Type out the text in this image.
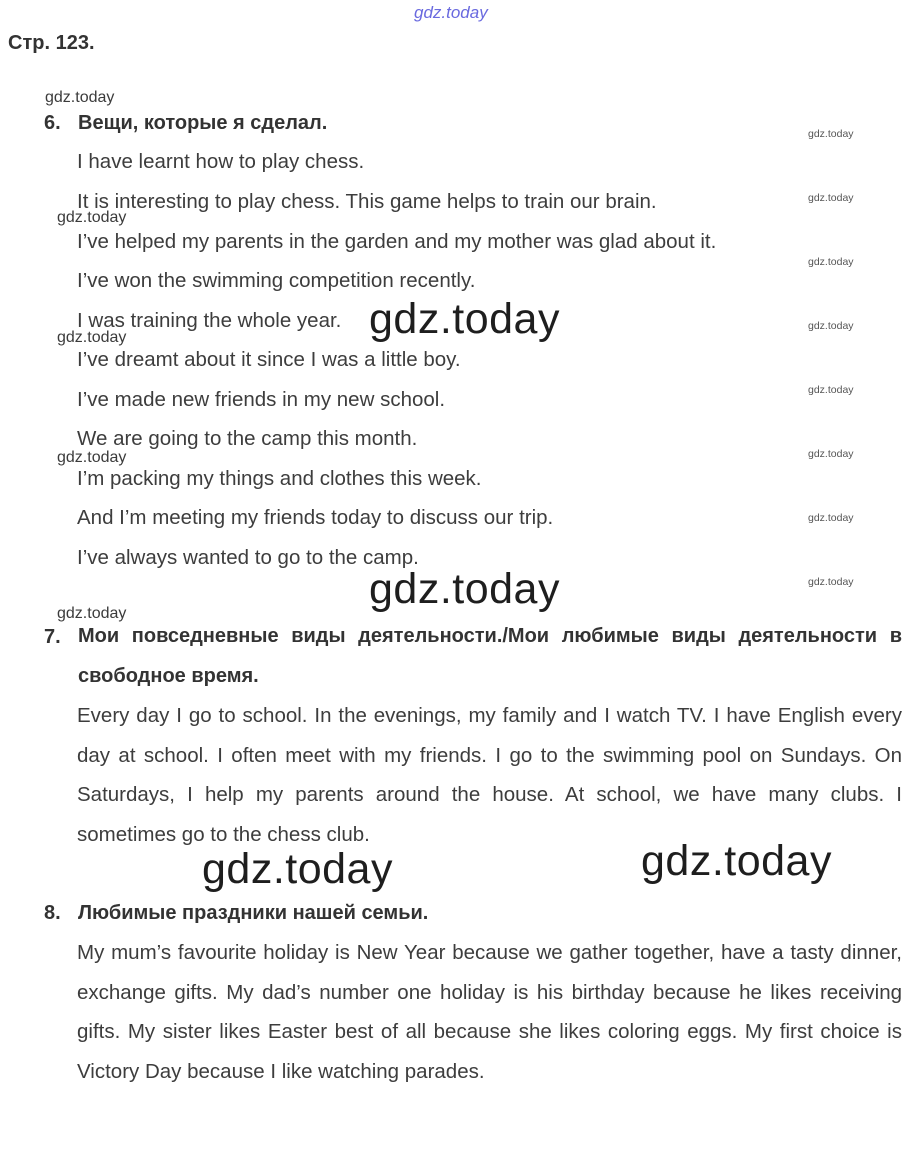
gdz.today
Стр. 123.
gdz.today
gdz.today
gdz.today
gdz.today
gdz.today
gdz.today
gdz.today
gdz.today
gdz.today
gdz.today
gdz.today
gdz.today
gdz.today
6. Вещи, которые я сделал.
I have learnt how to play chess.
It is interesting to play chess. This game helps to train our brain.
I’ve helped my parents in the garden and my mother was glad about it.
I’ve won the swimming competition recently.
I was training the whole year.
I’ve dreamt about it since I was a little boy.
I’ve made new friends in my new school.
We are going to the camp this month.
I’m packing my things and clothes this week.
And I’m meeting my friends today to discuss our trip.
I’ve always wanted to go to the camp.
gdz.today
gdz.today
7. Мои повседневные виды деятельности./Мои любимые виды деятельности в свободное время.
Every day I go to school. In the evenings, my family and I watch TV. I have English every day at school. I often meet with my friends. I go to the swimming pool on Sundays. On Saturdays, I help my parents around the house. At school, we have many clubs. I sometimes go to the chess club.
gdz.today	gdz.today
8. Любимые праздники нашей семьи.
My mum’s favourite holiday is New Year because we gather together, have a tasty dinner, exchange gifts. My dad’s number one holiday is his birthday because he likes receiving gifts. My sister likes Easter best of all because she likes coloring eggs. My first choice is Victory Day because I like watching parades.
